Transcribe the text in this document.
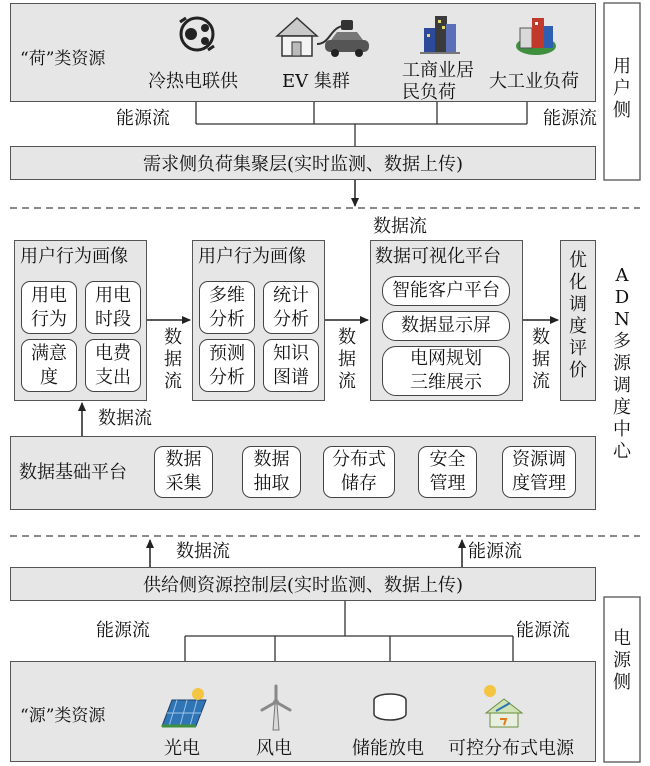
“荷”类资源
冷热电联供 EV 集群
工商业居
民负荷
大工业负荷
用户侧
能源流	能源流
需求侧负荷集聚层(实时监测、数据上传)
数据流
用户行为画像
用电
行为
用电
时段
满意
度
电费
支出
数据流
用户行为画像
多维
分析
统计
分析
预测
分析
知识
图谱
数据流
数据可视化平台
智能客户平台
数据显示屏
电网规划
三维展示
数据流
优化调度评价
ADN多源调度中心
数据流
数据基础平台
数据
采集
数据
抽取
分布式
储存
安全
管理
资源调
度管理
数据流	能源流
供给侧资源控制层(实时监测、数据上传)
能源流	能源流
“源”类资源
光电	风电	储能放电 可控分布式电源
电源侧
